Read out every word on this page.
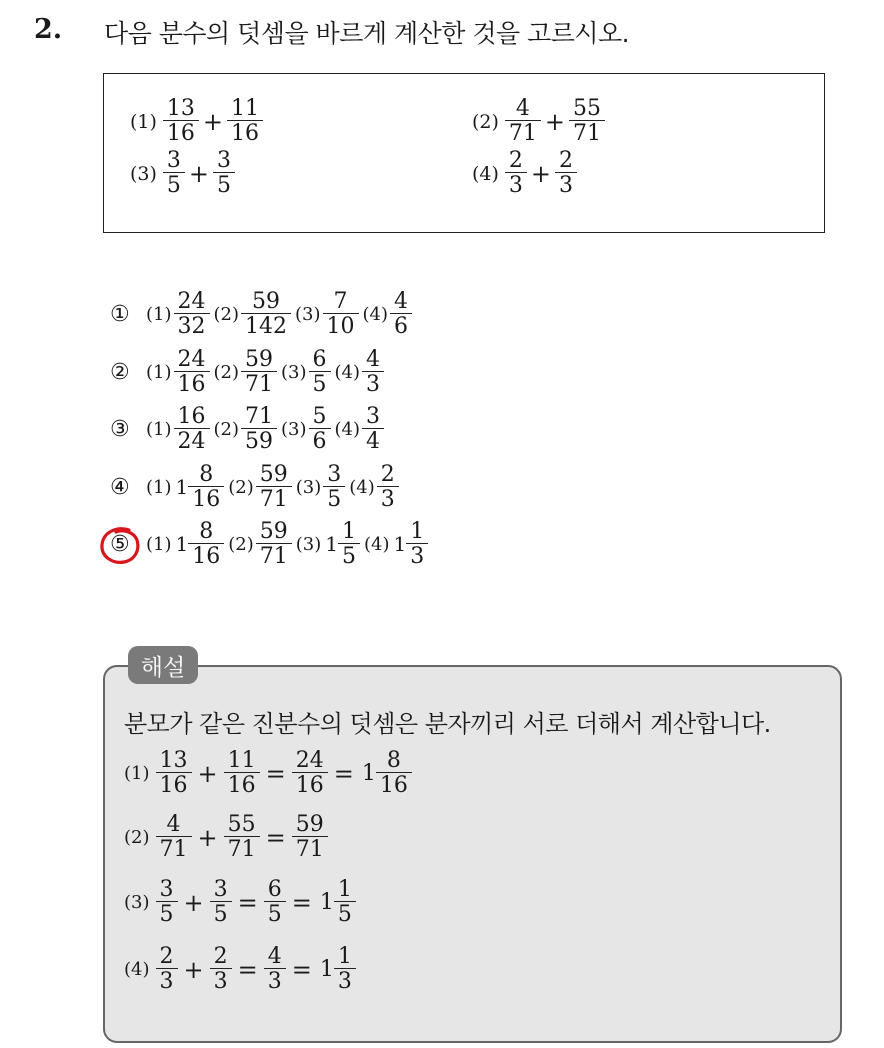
2. 다음 분수의 덧셈을 바르게 계산한 것을 고르시오.
$(1) \frac{13}{16} + \frac{11}{16}$	$(2) \frac{4}{71} + \frac{55}{71}$
$(3) \frac{3}{5} + \frac{3}{5}$	$(4) \frac{2}{3} + \frac{2}{3}$
① $(1) \frac{24}{32} (2) \frac{59}{142} (3) \frac{7}{10} (4) \frac{4}{6}$
② $(1) \frac{24}{16} (2) \frac{59}{71} (3) \frac{6}{5} (4) \frac{4}{3}$
③ $(1) \frac{16}{24} (2) \frac{71}{59} (3) \frac{5}{6} (4) \frac{3}{4}$
④ (1) $1 \frac{8}{16} (2) \frac{59}{71} (3) \frac{3}{5} (4) \frac{2}{3}$
⑤ (1) $1 \frac{8}{16} (2) \frac{59}{71} (3)$ $1 \frac{1}{5} (4)$ $1 \frac{1}{3}$
해설
분모가 같은 진분수의 덧셈은 분자끼리 서로 더해서 계산합니다.
$(1) \frac{13}{16} + \frac{11}{16} = \frac{24}{16} = 1 \frac{8}{16}$
$(2) \frac{4}{71} + \frac{55}{71} = \frac{59}{71}$
$(3) \frac{3}{5} + \frac{3}{5} = \frac{6}{5} = 1 \frac{1}{5}$
$(4) \frac{2}{3} + \frac{2}{3} = \frac{4}{3} = 1 \frac{1}{3}$
